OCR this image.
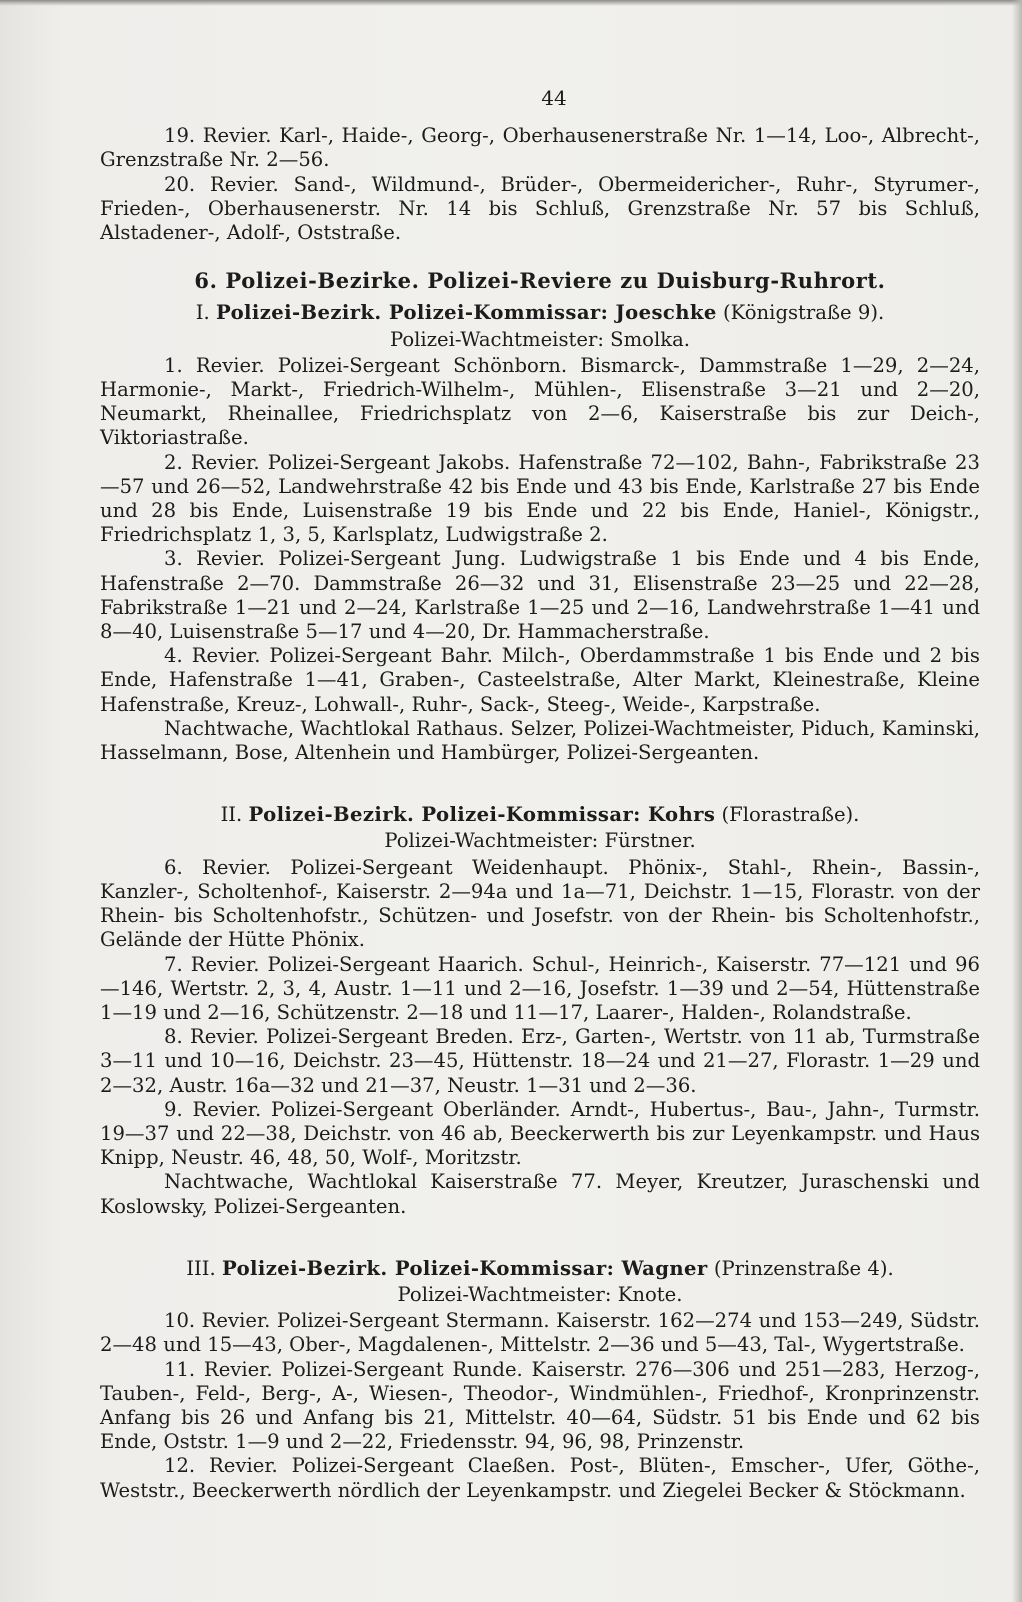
44

19. Revier. Karl-, Haide-, Georg-, Oberhausenerstraße Nr. 1—14, Loo-, Albrecht-, Grenzstraße Nr. 2—56.

20. Revier. Sand-, Wildmund-, Brüder-, Obermeidericher-, Ruhr-, Styrumer-, Frieden-, Oberhausenerstr. Nr. 14 bis Schluß, Grenzstraße Nr. 57 bis Schluß, Alstadener-, Adolf-, Oststraße.

6. Polizei-Bezirke. Polizei-Reviere zu Duisburg-Ruhrort.
I. Polizei-Bezirk. Polizei-Kommissar: Joeschke (Königstraße 9).
Polizei-Wachtmeister: Smolka.

1. Revier. Polizei-Sergeant Schönborn. Bismarck-, Dammstraße 1—29, 2—24, Harmonie-, Markt-, Friedrich-Wilhelm-, Mühlen-, Elisenstraße 3—21 und 2—20, Neumarkt, Rheinallee, Friedrichsplatz von 2—6, Kaiserstraße bis zur Deich-, Viktoriastraße.

2. Revier. Polizei-Sergeant Jakobs. Hafenstraße 72—102, Bahn-, Fabrikstraße 23—57 und 26—52, Landwehrstraße 42 bis Ende und 43 bis Ende, Karlstraße 27 bis Ende und 28 bis Ende, Luisenstraße 19 bis Ende und 22 bis Ende, Haniel-, Königstr., Friedrichsplatz 1, 3, 5, Karlsplatz, Ludwigstraße 2.

3. Revier. Polizei-Sergeant Jung. Ludwigstraße 1 bis Ende und 4 bis Ende, Hafenstraße 2—70. Dammstraße 26—32 und 31, Elisenstraße 23—25 und 22—28, Fabrikstraße 1—21 und 2—24, Karlstraße 1—25 und 2—16, Landwehrstraße 1—41 und 8—40, Luisenstraße 5—17 und 4—20, Dr. Hammacherstraße.

4. Revier. Polizei-Sergeant Bahr. Milch-, Oberdammstraße 1 bis Ende und 2 bis Ende, Hafenstraße 1—41, Graben-, Casteelstraße, Alter Markt, Kleinestraße, Kleine Hafenstraße, Kreuz-, Lohwall-, Ruhr-, Sack-, Steeg-, Weide-, Karpstraße.

Nachtwache, Wachtlokal Rathaus. Selzer, Polizei-Wachtmeister, Piduch, Kaminski, Hasselmann, Bose, Altenhein und Hambürger, Polizei-Sergeanten.

II. Polizei-Bezirk. Polizei-Kommissar: Kohrs (Florastraße).
Polizei-Wachtmeister: Fürstner.

6. Revier. Polizei-Sergeant Weidenhaupt. Phönix-, Stahl-, Rhein-, Bassin-, Kanzler-, Scholtenhof-, Kaiserstr. 2—94a und 1a—71, Deichstr. 1—15, Florastr. von der Rhein- bis Scholtenhofstr., Schützen- und Josefstr. von der Rhein- bis Scholtenhofstr., Gelände der Hütte Phönix.

7. Revier. Polizei-Sergeant Haarich. Schul-, Heinrich-, Kaiserstr. 77—121 und 96—146, Wertstr. 2, 3, 4, Austr. 1—11 und 2—16, Josefstr. 1—39 und 2—54, Hüttenstraße 1—19 und 2—16, Schützenstr. 2—18 und 11—17, Laarer-, Halden-, Rolandstraße.

8. Revier. Polizei-Sergeant Breden. Erz-, Garten-, Wertstr. von 11 ab, Turmstraße 3—11 und 10—16, Deichstr. 23—45, Hüttenstr. 18—24 und 21—27, Florastr. 1—29 und 2—32, Austr. 16a—32 und 21—37, Neustr. 1—31 und 2—36.

9. Revier. Polizei-Sergeant Oberländer. Arndt-, Hubertus-, Bau-, Jahn-, Turmstr. 19—37 und 22—38, Deichstr. von 46 ab, Beeckerwerth bis zur Leyenkampstr. und Haus Knipp, Neustr. 46, 48, 50, Wolf-, Moritzstr.

Nachtwache, Wachtlokal Kaiserstraße 77. Meyer, Kreutzer, Juraschenski und Koslowsky, Polizei-Sergeanten.

III. Polizei-Bezirk. Polizei-Kommissar: Wagner (Prinzenstraße 4).
Polizei-Wachtmeister: Knote.

10. Revier. Polizei-Sergeant Stermann. Kaiserstr. 162—274 und 153—249, Südstr. 2—48 und 15—43, Ober-, Magdalenen-, Mittelstr. 2—36 und 5—43, Tal-, Wygertstraße.

11. Revier. Polizei-Sergeant Runde. Kaiserstr. 276—306 und 251—283, Herzog-, Tauben-, Feld-, Berg-, A-, Wiesen-, Theodor-, Windmühlen-, Friedhof-, Kronprinzenstr. Anfang bis 26 und Anfang bis 21, Mittelstr. 40—64, Südstr. 51 bis Ende und 62 bis Ende, Oststr. 1—9 und 2—22, Friedensstr. 94, 96, 98, Prinzenstr.

12. Revier. Polizei-Sergeant Claeßen. Post-, Blüten-, Emscher-, Ufer, Göthe-, Weststr., Beeckerwerth nördlich der Leyenkampstr. und Ziegelei Becker & Stöckmann.
